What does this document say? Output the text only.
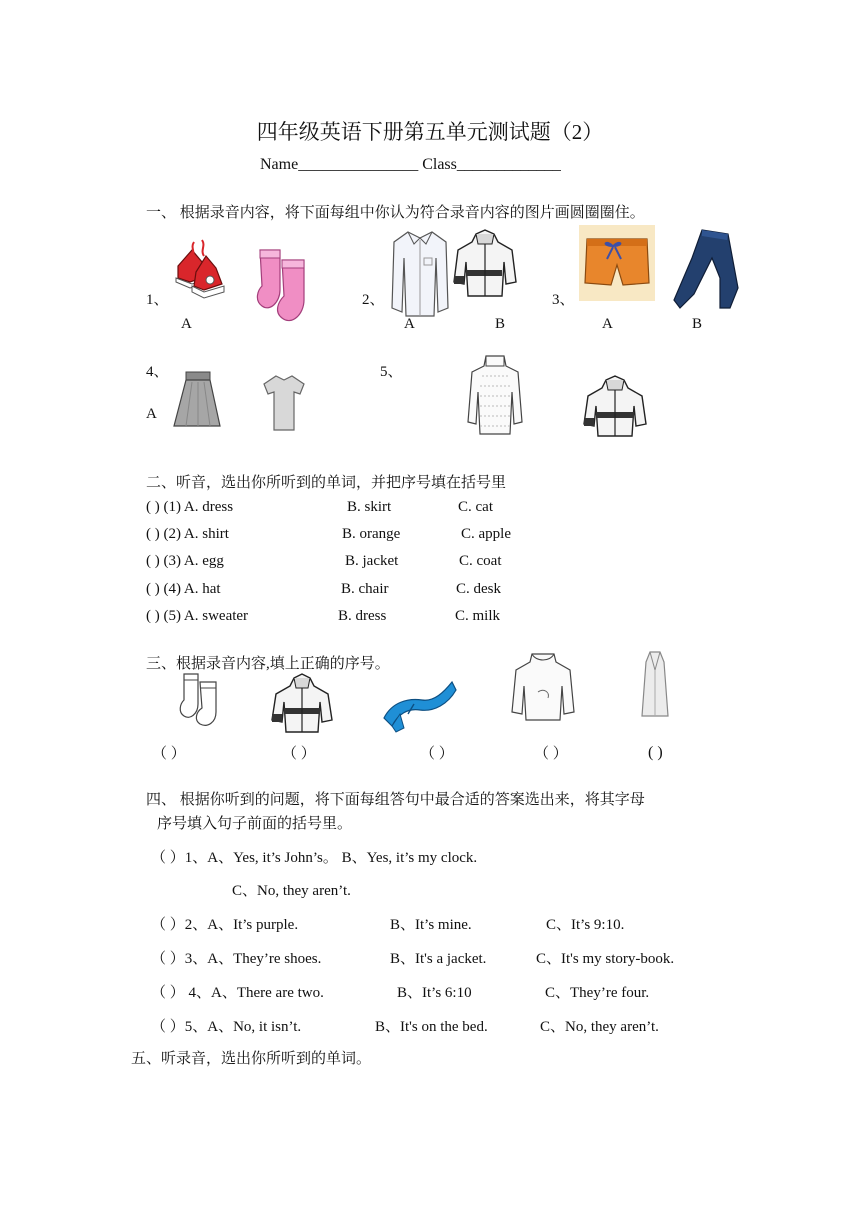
四年级英语下册第五单元测试题（2）
Name_______________ Class_____________
一、 根据录音内容，将下面每组中你认为符合录音内容的图片画圆圈圈住。
1、	2、	3、
4、	5、
A	A	B	A	B
A
二、听音，选出你所听到的单词，并把序号填在括号里
( ) (1) A. dress	B. skirt	C. cat
( ) (2) A. shirt	B. orange	C. apple
( ) (3) A. egg	B. jacket	C. coat
( ) (4) A. hat	B. chair	C. desk
( ) (5) A. sweater	B. dress	C. milk
三、根据录音内容,填上正确的序号。
（ ）	（ ）	（ ）	（ ）	( )
四、 根据你听到的问题，将下面每组答句中最合适的答案选出来，将其字母
序号填入句子前面的括号里。
（ ）1、A、Yes, it’s John’s。 B、Yes, it’s my clock.
C、No, they aren’t.
（ ）2、A、It’s purple.	B、It’s mine.	C、It’s 9:10.
（ ）3、A、They’re shoes.	B、It's a jacket.	C、It's my story-book.
（ ） 4、A、There are two.	B、It’s 6:10	C、They’re four.
（ ）5、A、No, it isn’t.	B、It's on the bed.	C、No, they aren’t.
五、听录音，选出你所听到的单词。
